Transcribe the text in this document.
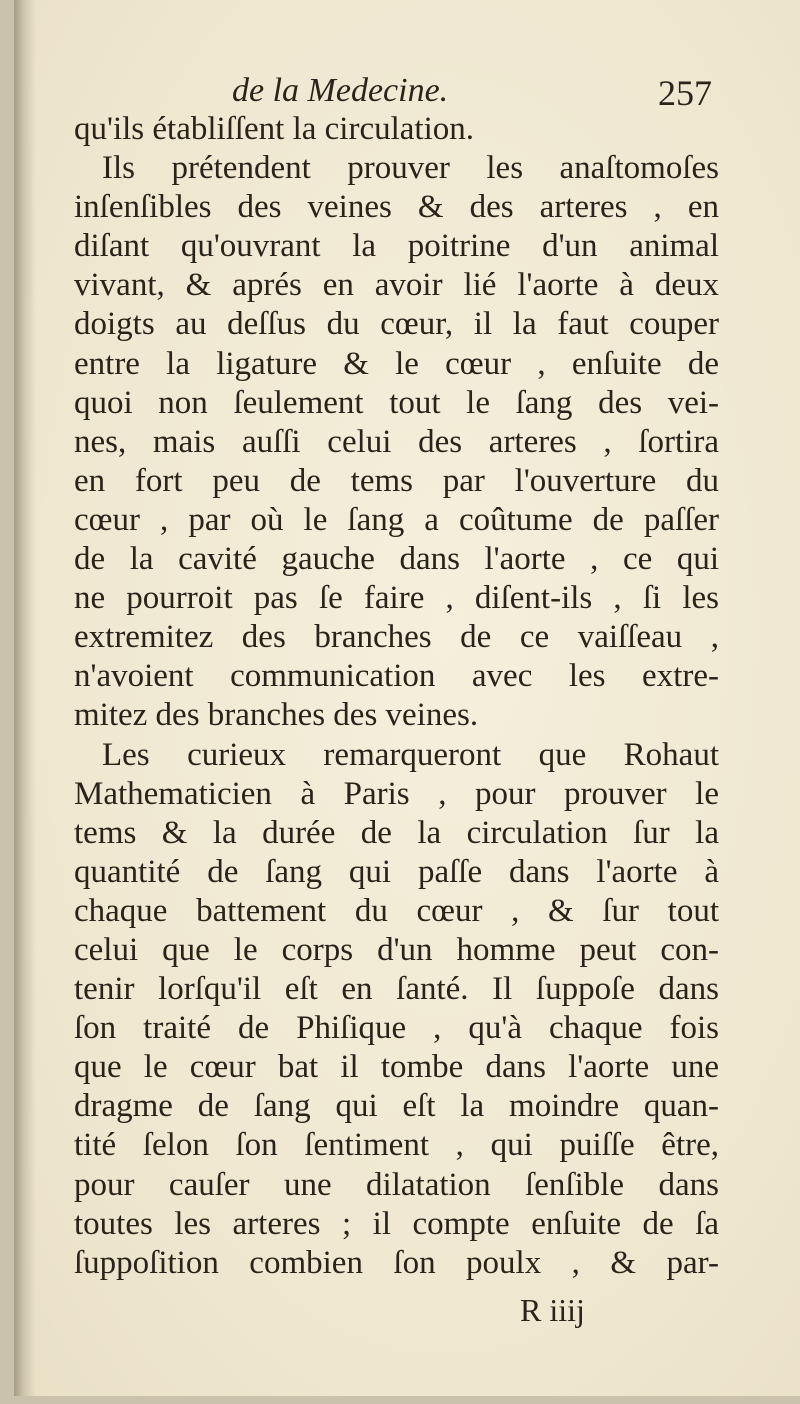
de la Medecine.	257
qu'ils établiſſent la circulation.
Ils prétendent prouver les anaſtomoſes
inſenſibles des veines & des arteres , en
diſant qu'ouvrant la poitrine d'un animal
vivant, & aprés en avoir lié l'aorte à deux
doigts au deſſus du cœur, il la faut couper
entre la ligature & le cœur , enſuite de
quoi non ſeulement tout le ſang des vei-
nes, mais auſſi celui des arteres , ſortira
en fort peu de tems par l'ouverture du
cœur , par où le ſang a coûtume de paſſer
de la cavité gauche dans l'aorte , ce qui
ne pourroit pas ſe faire , diſent-ils , ſi les
extremitez des branches de ce vaiſſeau ,
n'avoient communication avec les extre-
mitez des branches des veines.
Les curieux remarqueront que Rohaut
Mathematicien à Paris , pour prouver le
tems & la durée de la circulation ſur la
quantité de ſang qui paſſe dans l'aorte à
chaque battement du cœur , & ſur tout
celui que le corps d'un homme peut con-
tenir lorſqu'il eſt en ſanté. Il ſuppoſe dans
ſon traité de Phiſique , qu'à chaque fois
que le cœur bat il tombe dans l'aorte une
dragme de ſang qui eſt la moindre quan-
tité ſelon ſon ſentiment , qui puiſſe être,
pour cauſer une dilatation ſenſible dans
toutes les arteres ; il compte enſuite de ſa
ſuppoſition combien ſon poulx , & par-
R iiij
